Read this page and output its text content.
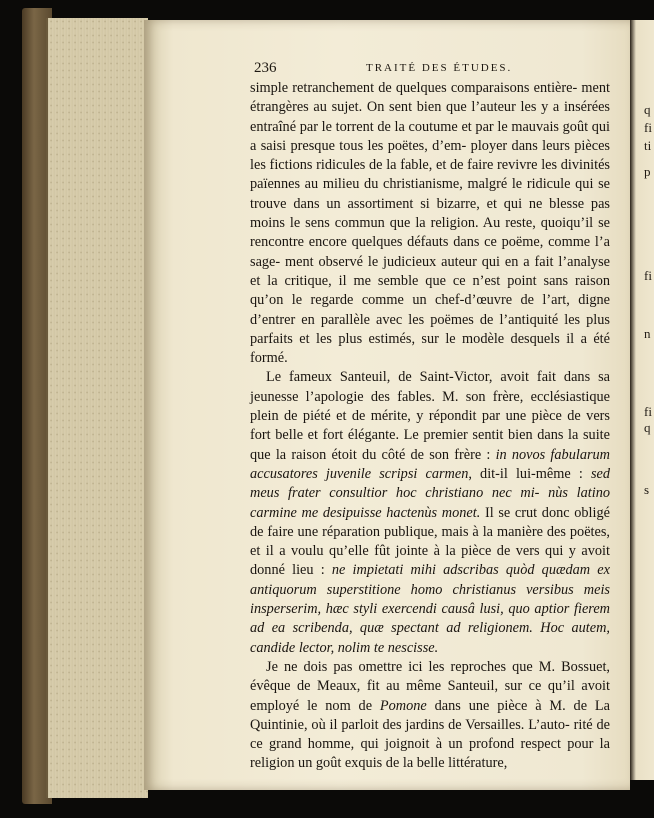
q
fi
ti
p
fi
n
fi
q
s
236	TRAITÉ DES ÉTUDES.

simple retranchement de quelques comparaisons entière- ment étrangères au sujet. On sent bien que l’auteur les y a insérées entraîné par le torrent de la coutume et par le mauvais goût qui a saisi presque tous les poëtes, d’em- ployer dans leurs pièces les fictions ridicules de la fable, et de faire revivre les divinités païennes au milieu du christianisme, malgré le ridicule qui se trouve dans un assortiment si bizarre, et qui ne blesse pas moins le sens commun que la religion. Au reste, quoiqu’il se rencontre encore quelques défauts dans ce poëme, comme l’a sage- ment observé le judicieux auteur qui en a fait l’analyse et la critique, il me semble que ce n’est point sans raison qu’on le regarde comme un chef-d’œuvre de l’art, digne d’entrer en parallèle avec les poëmes de l’antiquité les plus parfaits et les plus estimés, sur le modèle desquels il a été formé.

Le fameux Santeuil, de Saint-Victor, avoit fait dans sa jeunesse l’apologie des fables. M. son frère, ecclésiastique plein de piété et de mérite, y répondit par une pièce de vers fort belle et fort élégante. Le premier sentit bien dans la suite que la raison étoit du côté de son frère : in novos fabularum accusatores juvenile scripsi carmen, dit-il lui-même : sed meus frater consultior hoc christiano nec mi- nùs latino carmine me desipuisse hactenùs monet. Il se crut donc obligé de faire une réparation publique, mais à la manière des poëtes, et il a voulu qu’elle fût jointe à la pièce de vers qui y avoit donné lieu : ne impietati mihi adscribas quòd quædam ex antiquorum superstitione homo christianus versibus meis insperserim, hæc styli exercendi causâ lusi, quo aptior fierem ad ea scribenda, quæ spectant ad religionem. Hoc autem, candide lector, nolim te nescisse.

Je ne dois pas omettre ici les reproches que M. Bossuet, évêque de Meaux, fit au même Santeuil, sur ce qu’il avoit employé le nom de Pomone dans une pièce à M. de La Quintinie, où il parloit des jardins de Versailles. L’auto- rité de ce grand homme, qui joignoit à un profond respect pour la religion un goût exquis de la belle littérature,
